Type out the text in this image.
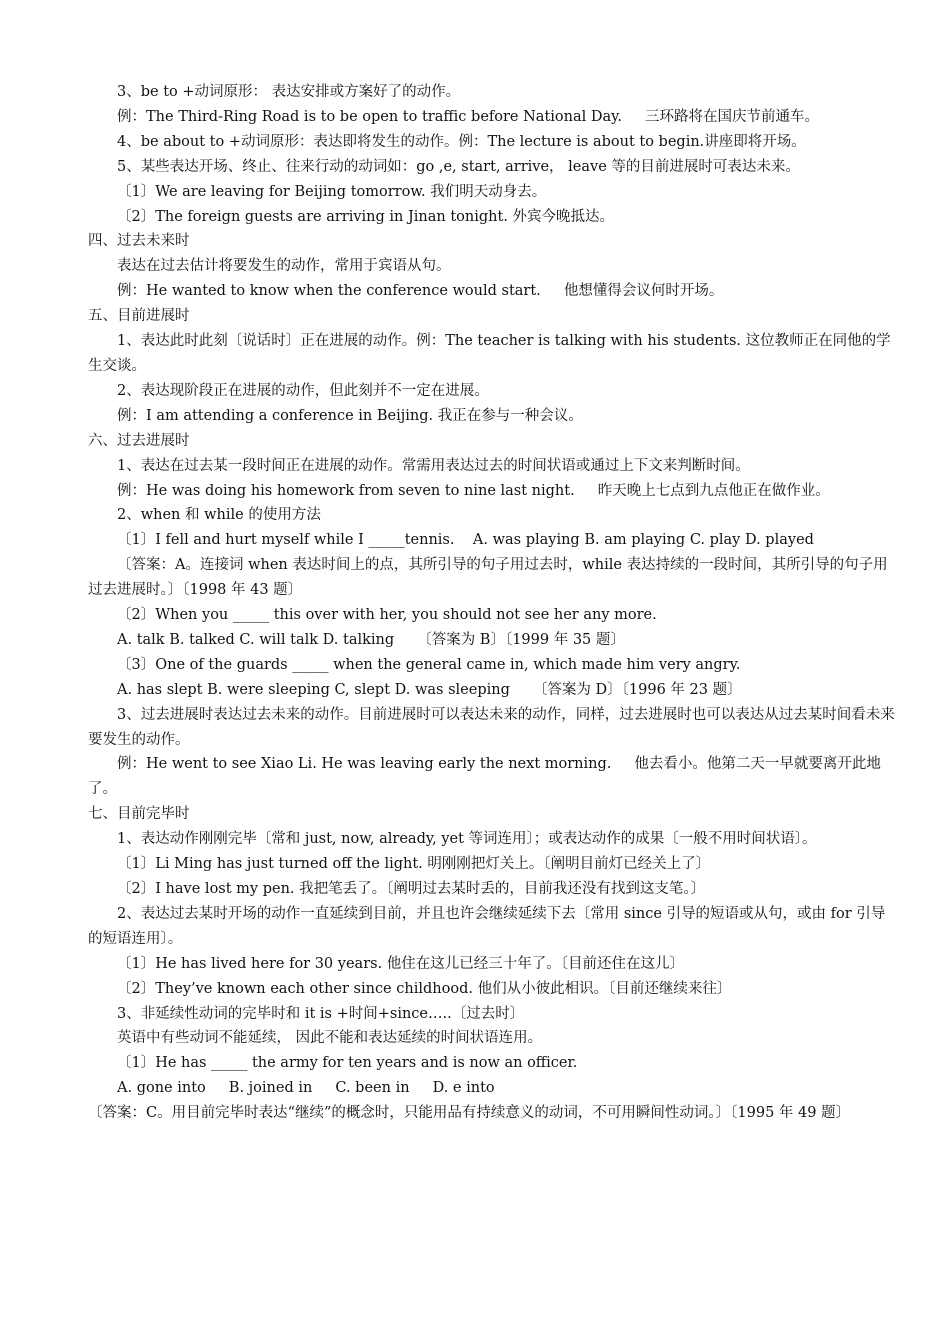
3、be to +动词原形： 表达安排或方案好了的动作。

例：The Third-Ring Road is to be open to traffic before National Day.     三环路将在国庆节前通车。

4、be about to +动词原形：表达即将发生的动作。例：The lecture is about to begin.讲座即将开场。

5、某些表达开场、终止、往来行动的动词如：go ,e, start, arrive， leave 等的目前进展时可表达未来。

〔1〕We are leaving for Beijing tomorrow. 我们明天动身去。

〔2〕The foreign guests are arriving in Jinan tonight. 外宾今晚抵达。

四、过去未来时

表达在过去估计将要发生的动作，常用于宾语从句。

例：He wanted to know when the conference would start.     他想懂得会议何时开场。

五、目前进展时

1、表达此时此刻〔说话时〕正在进展的动作。例：The teacher is talking with his students. 这位教师正在同他的学生交谈。

2、表达现阶段正在进展的动作，但此刻并不一定在进展。

例：I am attending a conference in Beijing. 我正在参与一种会议。

六、过去进展时

1、表达在过去某一段时间正在进展的动作。常需用表达过去的时间状语或通过上下文来判断时间。

例：He was doing his homework from seven to nine last night.     昨天晚上七点到九点他正在做作业。

2、when 和 while 的使用方法

〔1〕I fell and hurt myself while I _____tennis.    A. was playing B. am playing C. play D. played

〔答案：A。连接词 when 表达时间上的点，其所引导的句子用过去时，while 表达持续的一段时间，其所引导的句子用过去进展时。〕〔1998 年 43 题〕

〔2〕When you _____ this over with her, you should not see her any more.

A. talk B. talked C. will talk D. talking     〔答案为 B〕〔1999 年 35 题〕

〔3〕One of the guards _____ when the general came in, which made him very angry.

A. has slept B. were sleeping C, slept D. was sleeping     〔答案为 D〕〔1996 年 23 题〕

3、过去进展时表达过去未来的动作。目前进展时可以表达未来的动作，同样，过去进展时也可以表达从过去某时间看未来要发生的动作。

例：He went to see Xiao Li. He was leaving early the next morning.     他去看小。他第二天一早就要离开此地了。

七、目前完毕时

1、表达动作刚刚完毕〔常和 just, now, already, yet 等词连用〕；或表达动作的成果〔一般不用时间状语〕。

〔1〕Li Ming has just turned off the light. 明刚刚把灯关上。〔阐明目前灯已经关上了〕

〔2〕I have lost my pen. 我把笔丢了。〔阐明过去某时丢的，目前我还没有找到这支笔。〕

2、表达过去某时开场的动作一直延续到目前，并且也许会继续延续下去〔常用 since 引导的短语或从句，或由 for 引导的短语连用〕。

〔1〕He has lived here for 30 years. 他住在这儿已经三十年了。〔目前还住在这儿〕

〔2〕They’ve known each other since childhood. 他们从小彼此相识。〔目前还继续来往〕

3、非延续性动词的完毕时和 it is +时间+since…..〔过去时〕

英语中有些动词不能延续， 因此不能和表达延续的时间状语连用。

〔1〕He has _____ the army for ten years and is now an officer.

A. gone into     B. joined in     C. been in     D. e into

〔答案：C。用目前完毕时表达“继续”的概念时，只能用品有持续意义的动词，不可用瞬间性动词。〕〔1995 年 49 题〕
